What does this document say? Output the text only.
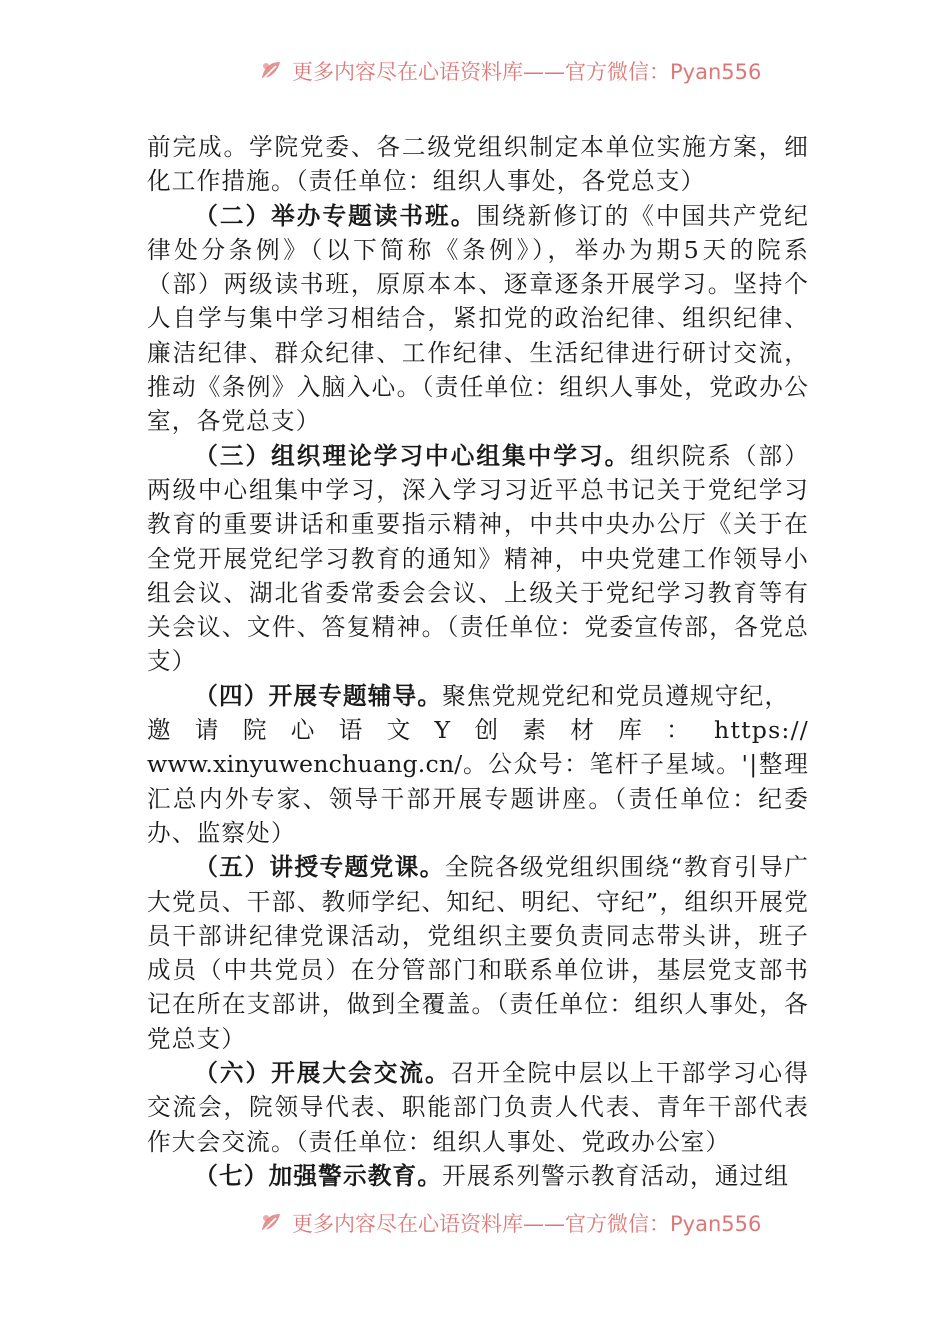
更多内容尽在心语资料库——官方微信：Pyan556

前完成。学院党委、各二级党组织制定本单位实施方案，细化工作措施。（责任单位：组织人事处，各党总支）

（二）举办专题读书班。围绕新修订的《中国共产党纪律处分条例》（以下简称《条例》），举办为期5天的院系（部）两级读书班，原原本本、逐章逐条开展学习。坚持个人自学与集中学习相结合，紧扣党的政治纪律、组织纪律、廉洁纪律、群众纪律、工作纪律、生活纪律进行研讨交流，推动《条例》入脑入心。（责任单位：组织人事处，党政办公室，各党总支）

（三）组织理论学习中心组集中学习。组织院系（部）两级中心组集中学习，深入学习习近平总书记关于党纪学习教育的重要讲话和重要指示精神，中共中央办公厅《关于在全党开展党纪学习教育的通知》精神，中央党建工作领导小组会议、湖北省委常委会会议、上级关于党纪学习教育等有关会议、文件、答复精神。（责任单位：党委宣传部，各党总支）

（四）开展专题辅导。聚焦党规党纪和党员遵规守纪，

邀 请 院 心 语 文 Y 创 素 材 库 ： https://

www.xinyuwenchuang.cn/。公众号：笔杆子星域。'|整理汇总内外专家、领导干部开展专题讲座。（责任单位：纪委办、监察处）

（五）讲授专题党课。全院各级党组织围绕“教育引导广大党员、干部、教师学纪、知纪、明纪、守纪”，组织开展党员干部讲纪律党课活动，党组织主要负责同志带头讲，班子成员（中共党员）在分管部门和联系单位讲，基层党支部书记在所在支部讲，做到全覆盖。（责任单位：组织人事处，各党总支）

（六）开展大会交流。召开全院中层以上干部学习心得交流会，院领导代表、职能部门负责人代表、青年干部代表作大会交流。（责任单位：组织人事处、党政办公室）

（七）加强警示教育。开展系列警示教育活动，通过组

更多内容尽在心语资料库——官方微信：Pyan556
